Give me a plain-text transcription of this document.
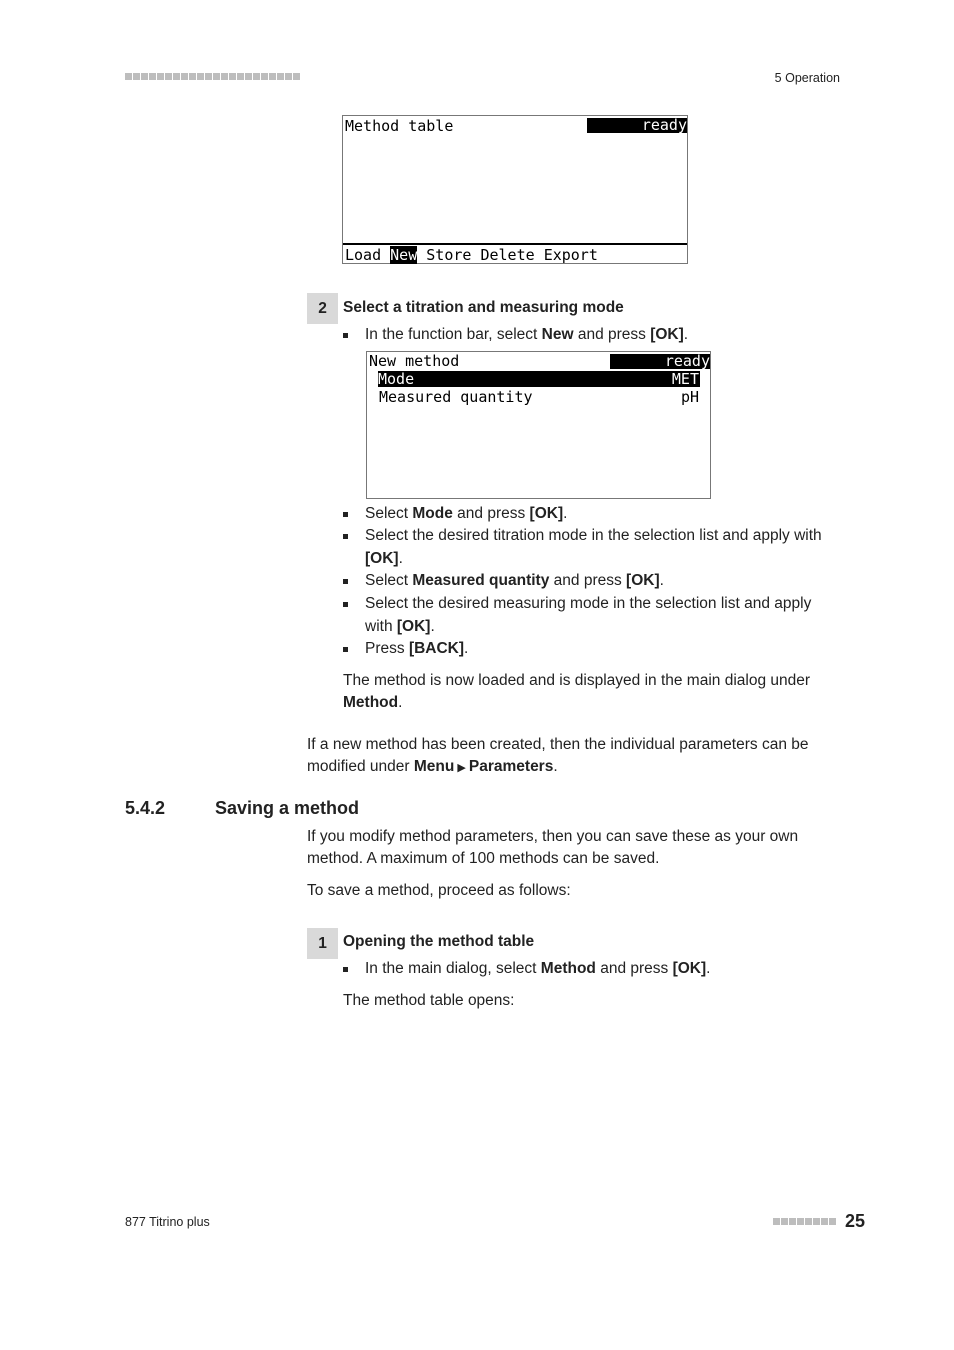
5 Operation
Method table	ready
Load New Store Delete Export
2	Select a titration and measuring mode
In the function bar, select New and press [OK].
New method	ready
Mode	MET
Measured quantity	pH
Select Mode and press [OK].
Select the desired titration mode in the selection list and apply with [OK].
Select Measured quantity and press [OK].
Select the desired measuring mode in the selection list and apply with [OK].
Press [BACK].
The method is now loaded and is displayed in the main dialog under Method.
If a new method has been created, then the individual parameters can be modified under Menu ▶ Parameters.
5.4.2	Saving a method
If you modify method parameters, then you can save these as your own method. A maximum of 100 methods can be saved.
To save a method, proceed as follows:
1	Opening the method table
In the main dialog, select Method and press [OK].
The method table opens:
877 Titrino plus	25
